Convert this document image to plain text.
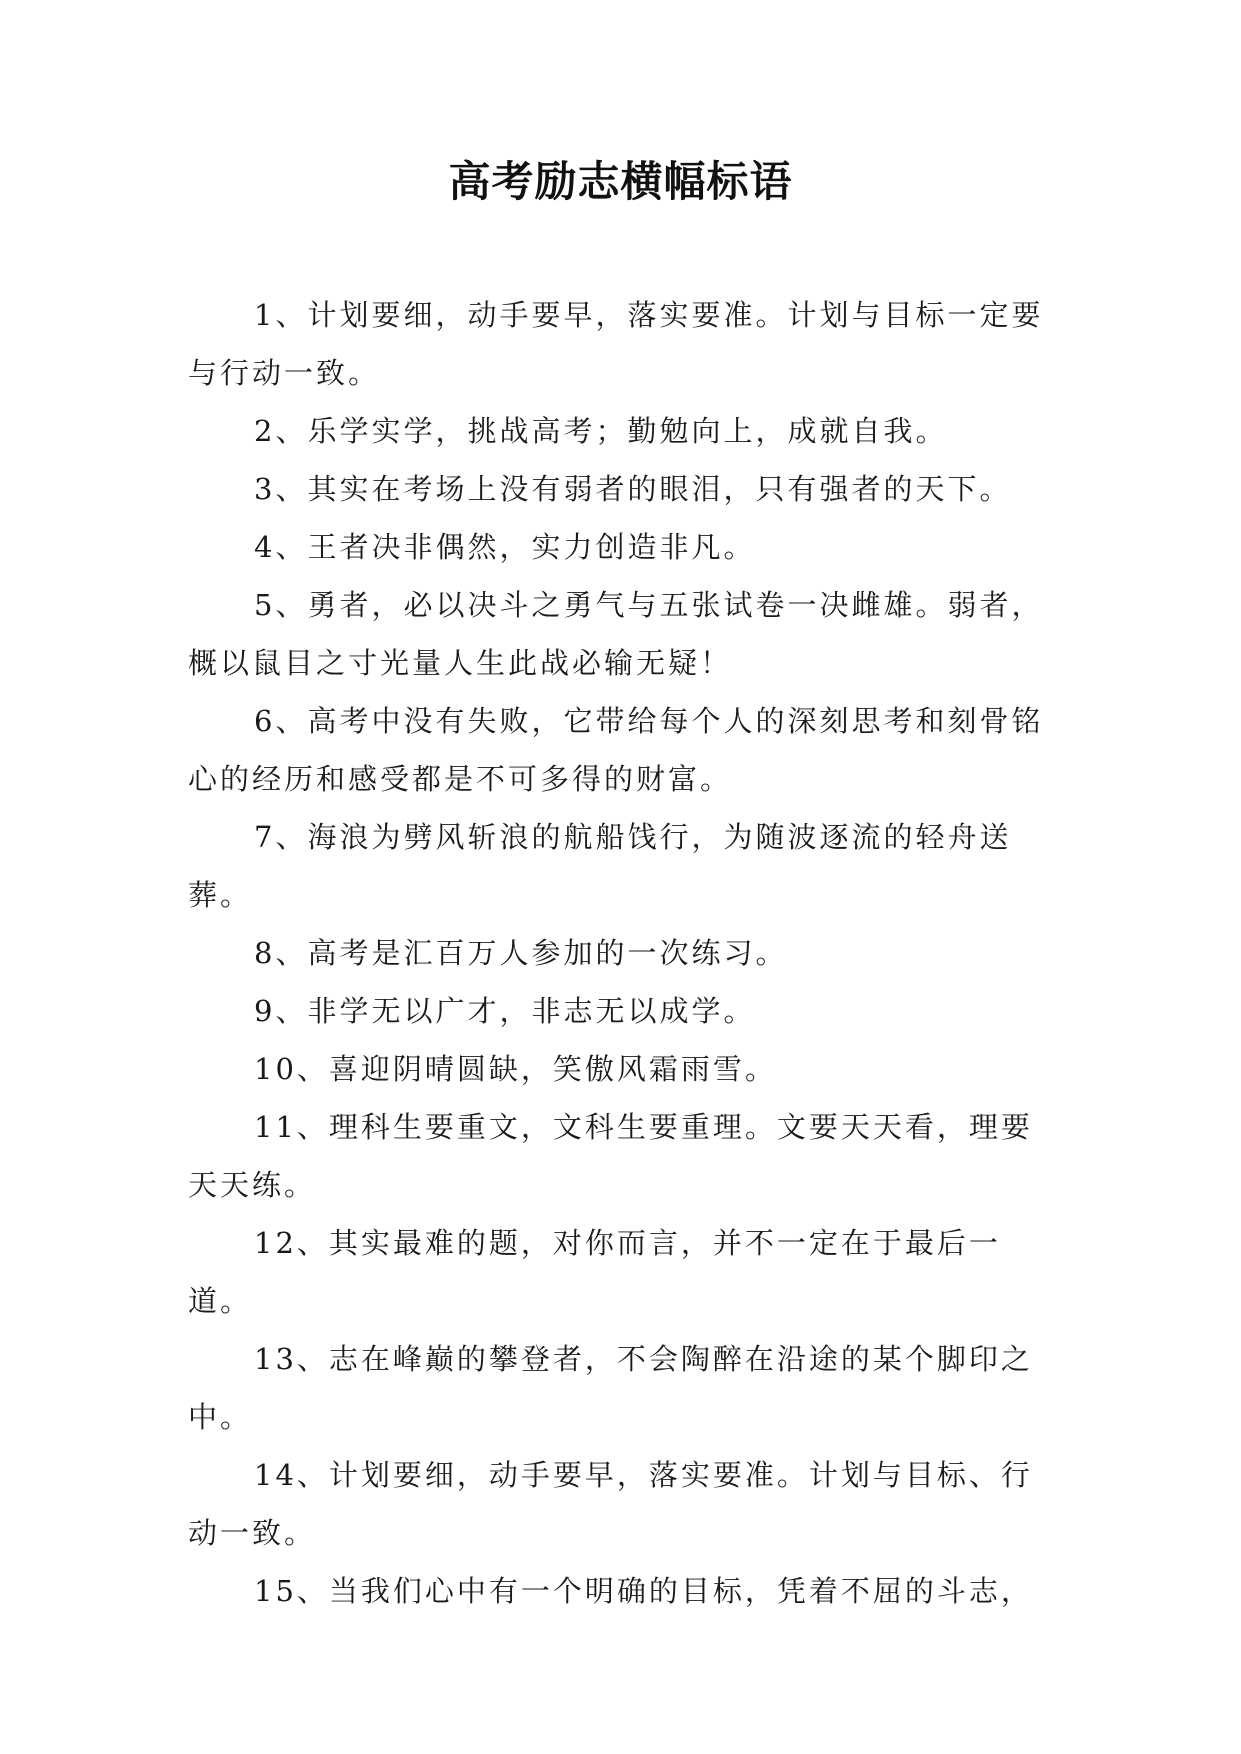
高考励志横幅标语

1、计划要细，动手要早，落实要准。计划与目标一定要与行动一致。

2、乐学实学，挑战高考；勤勉向上，成就自我。

3、其实在考场上没有弱者的眼泪，只有强者的天下。

4、王者决非偶然，实力创造非凡。

5、勇者，必以决斗之勇气与五张试卷一决雌雄。弱者，概以鼠目之寸光量人生此战必输无疑！

6、高考中没有失败，它带给每个人的深刻思考和刻骨铭心的经历和感受都是不可多得的财富。

7、海浪为劈风斩浪的航船饯行，为随波逐流的轻舟送葬。

8、高考是汇百万人参加的一次练习。

9、非学无以广才，非志无以成学。

10、喜迎阴晴圆缺，笑傲风霜雨雪。

11、理科生要重文，文科生要重理。文要天天看，理要天天练。

12、其实最难的题，对你而言，并不一定在于最后一道。

13、志在峰巅的攀登者，不会陶醉在沿途的某个脚印之中。

14、计划要细，动手要早，落实要准。计划与目标、行动一致。

15、当我们心中有一个明确的目标，凭着不屈的斗志，
